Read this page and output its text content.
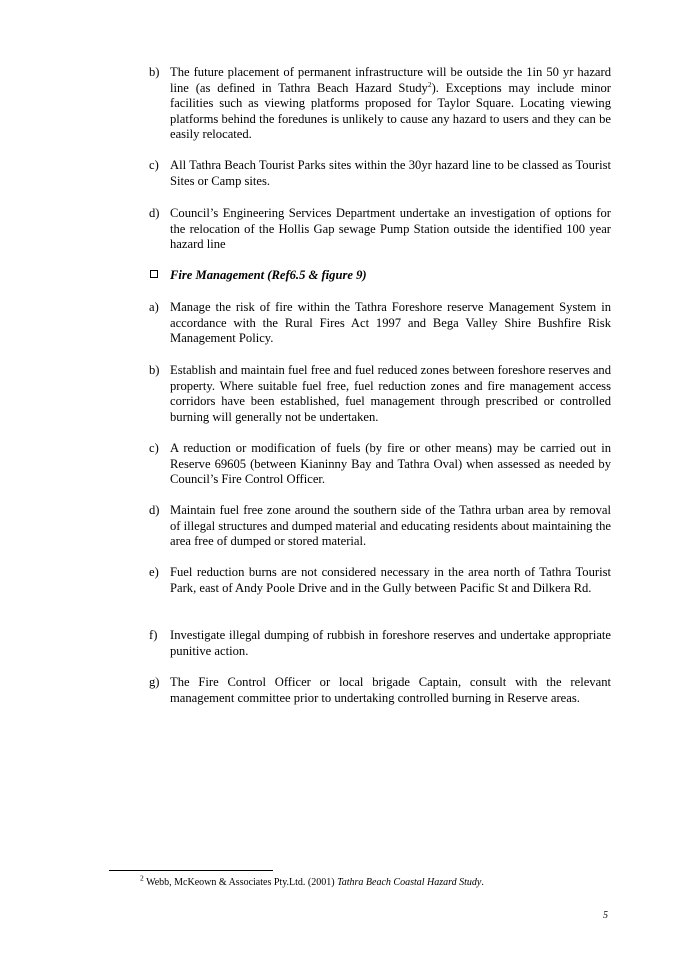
b) The future placement of permanent infrastructure will be outside the 1in 50 yr hazard line (as defined in Tathra Beach Hazard Study$^2$). Exceptions may include minor facilities such as viewing platforms proposed for Taylor Square. Locating viewing platforms behind the foredunes is unlikely to cause any hazard to users and they can be easily relocated.
c) All Tathra Beach Tourist Parks sites within the 30yr hazard line to be classed as Tourist Sites or Camp sites.
d) Council’s Engineering Services Department undertake an investigation of options for the relocation of the Hollis Gap sewage Pump Station outside the identified 100 year hazard line
Fire Management (Ref6.5 & figure 9)
a) Manage the risk of fire within the Tathra Foreshore reserve Management System in accordance with the Rural Fires Act 1997 and Bega Valley Shire Bushfire Risk Management Policy.
b) Establish and maintain fuel free and fuel reduced zones between foreshore reserves and property. Where suitable fuel free, fuel reduction zones and fire management access corridors have been established, fuel management through prescribed or controlled burning will generally not be undertaken.
c) A reduction or modification of fuels (by fire or other means) may be carried out in Reserve 69605 (between Kianinny Bay and Tathra Oval) when assessed as needed by Council’s Fire Control Officer.
d) Maintain fuel free zone around the southern side of the Tathra urban area by removal of illegal structures and dumped material and educating residents about maintaining the area free of dumped or stored material.
e) Fuel reduction burns are not considered necessary in the area north of Tathra Tourist Park, east of Andy Poole Drive and in the Gully between Pacific St and Dilkera Rd.
f) Investigate illegal dumping of rubbish in foreshore reserves and undertake appropriate punitive action.
g) The Fire Control Officer or local brigade Captain, consult with the relevant management committee prior to undertaking controlled burning in Reserve areas.
$^2$ Webb, McKeown & Associates Pty.Ltd. (2001) Tathra Beach Coastal Hazard Study.
5
